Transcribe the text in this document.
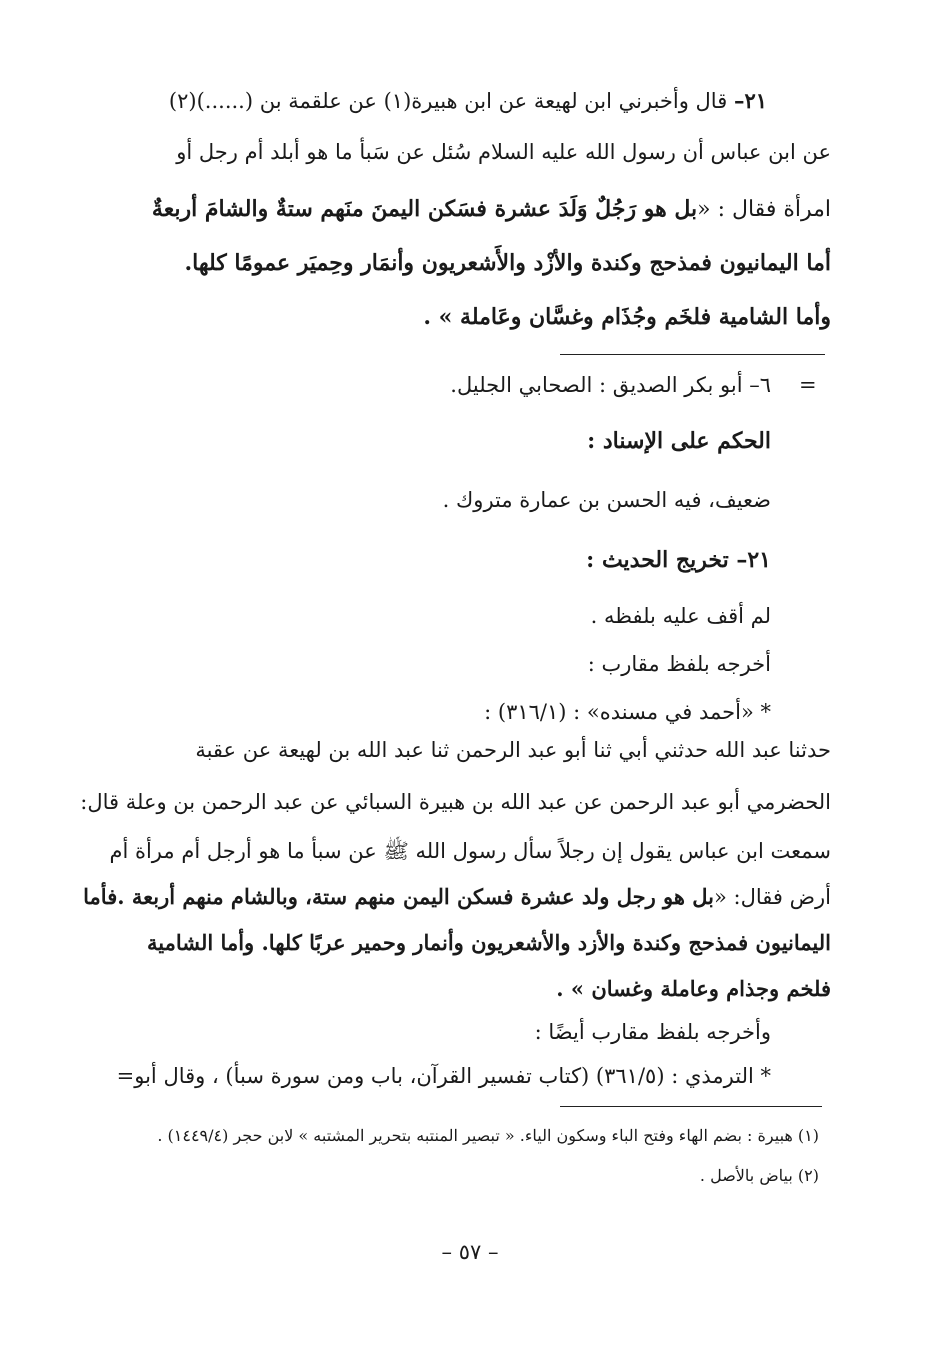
٢١– قال وأخبرني ابن لهيعة عن ابن هبيرة(١) عن علقمة بن (......)(٢)
عن ابن عباس أن رسول الله عليه السلام سُئل عن سَبأ ما هو أبلد أم رجل أو
امرأة فقال : «بل هو رَجُلٌ وَلَدَ عشرة فسَكن اليمنَ منَهم ستةٌ والشامَ أربعةٌ
أما اليمانيون فمذحج وكندة والأزْد والأَشعريون وأنمَار وحِميَر عمومًا كلها.
وأما الشامية فلخَم وجُذَام وغسَّان وعَاملة » .
=
٦– أبو بكر الصديق : الصحابي الجليل.
الحكم على الإسناد :
ضعيف، فيه الحسن بن عمارة متروك .
٢١– تخريج الحديث :
لم أقف عليه بلفظه .
أخرجه بلفظ مقارب :
* «أحمد في مسنده» : (٣١٦/١) :
حدثنا عبد الله حدثني أبي ثنا أبو عبد الرحمن ثنا عبد الله بن لهيعة عن عقبة
الحضرمي أبو عبد الرحمن عن عبد الله بن هبيرة السبائي عن عبد الرحمن بن وعلة قال:
سمعت ابن عباس يقول إن رجلاً سأل رسول الله ﷺ عن سبأ ما هو أرجل أم مرأة أم
أرض فقال: «بل هو رجل ولد عشرة فسكن اليمن منهم ستة، وبالشام منهم أربعة .فأما
اليمانيون فمذحج وكندة والأزد والأشعريون وأنمار وحمير عربًا كلها. وأما الشامية
فلخم وجذام وعاملة وغسان » .
وأخرجه بلفظ مقارب أيضًا :
* الترمذي : (٣٦١/٥) (كتاب تفسير القرآن، باب ومن سورة سبأ) ، وقال أبو=
(١) هبيرة : بضم الهاء وفتح الباء وسكون الياء. « تبصير المنتبه بتحرير المشتبه » لابن حجر (١٤٤٩/٤) .
(٢) بياض بالأصل .
– ٥٧ –
